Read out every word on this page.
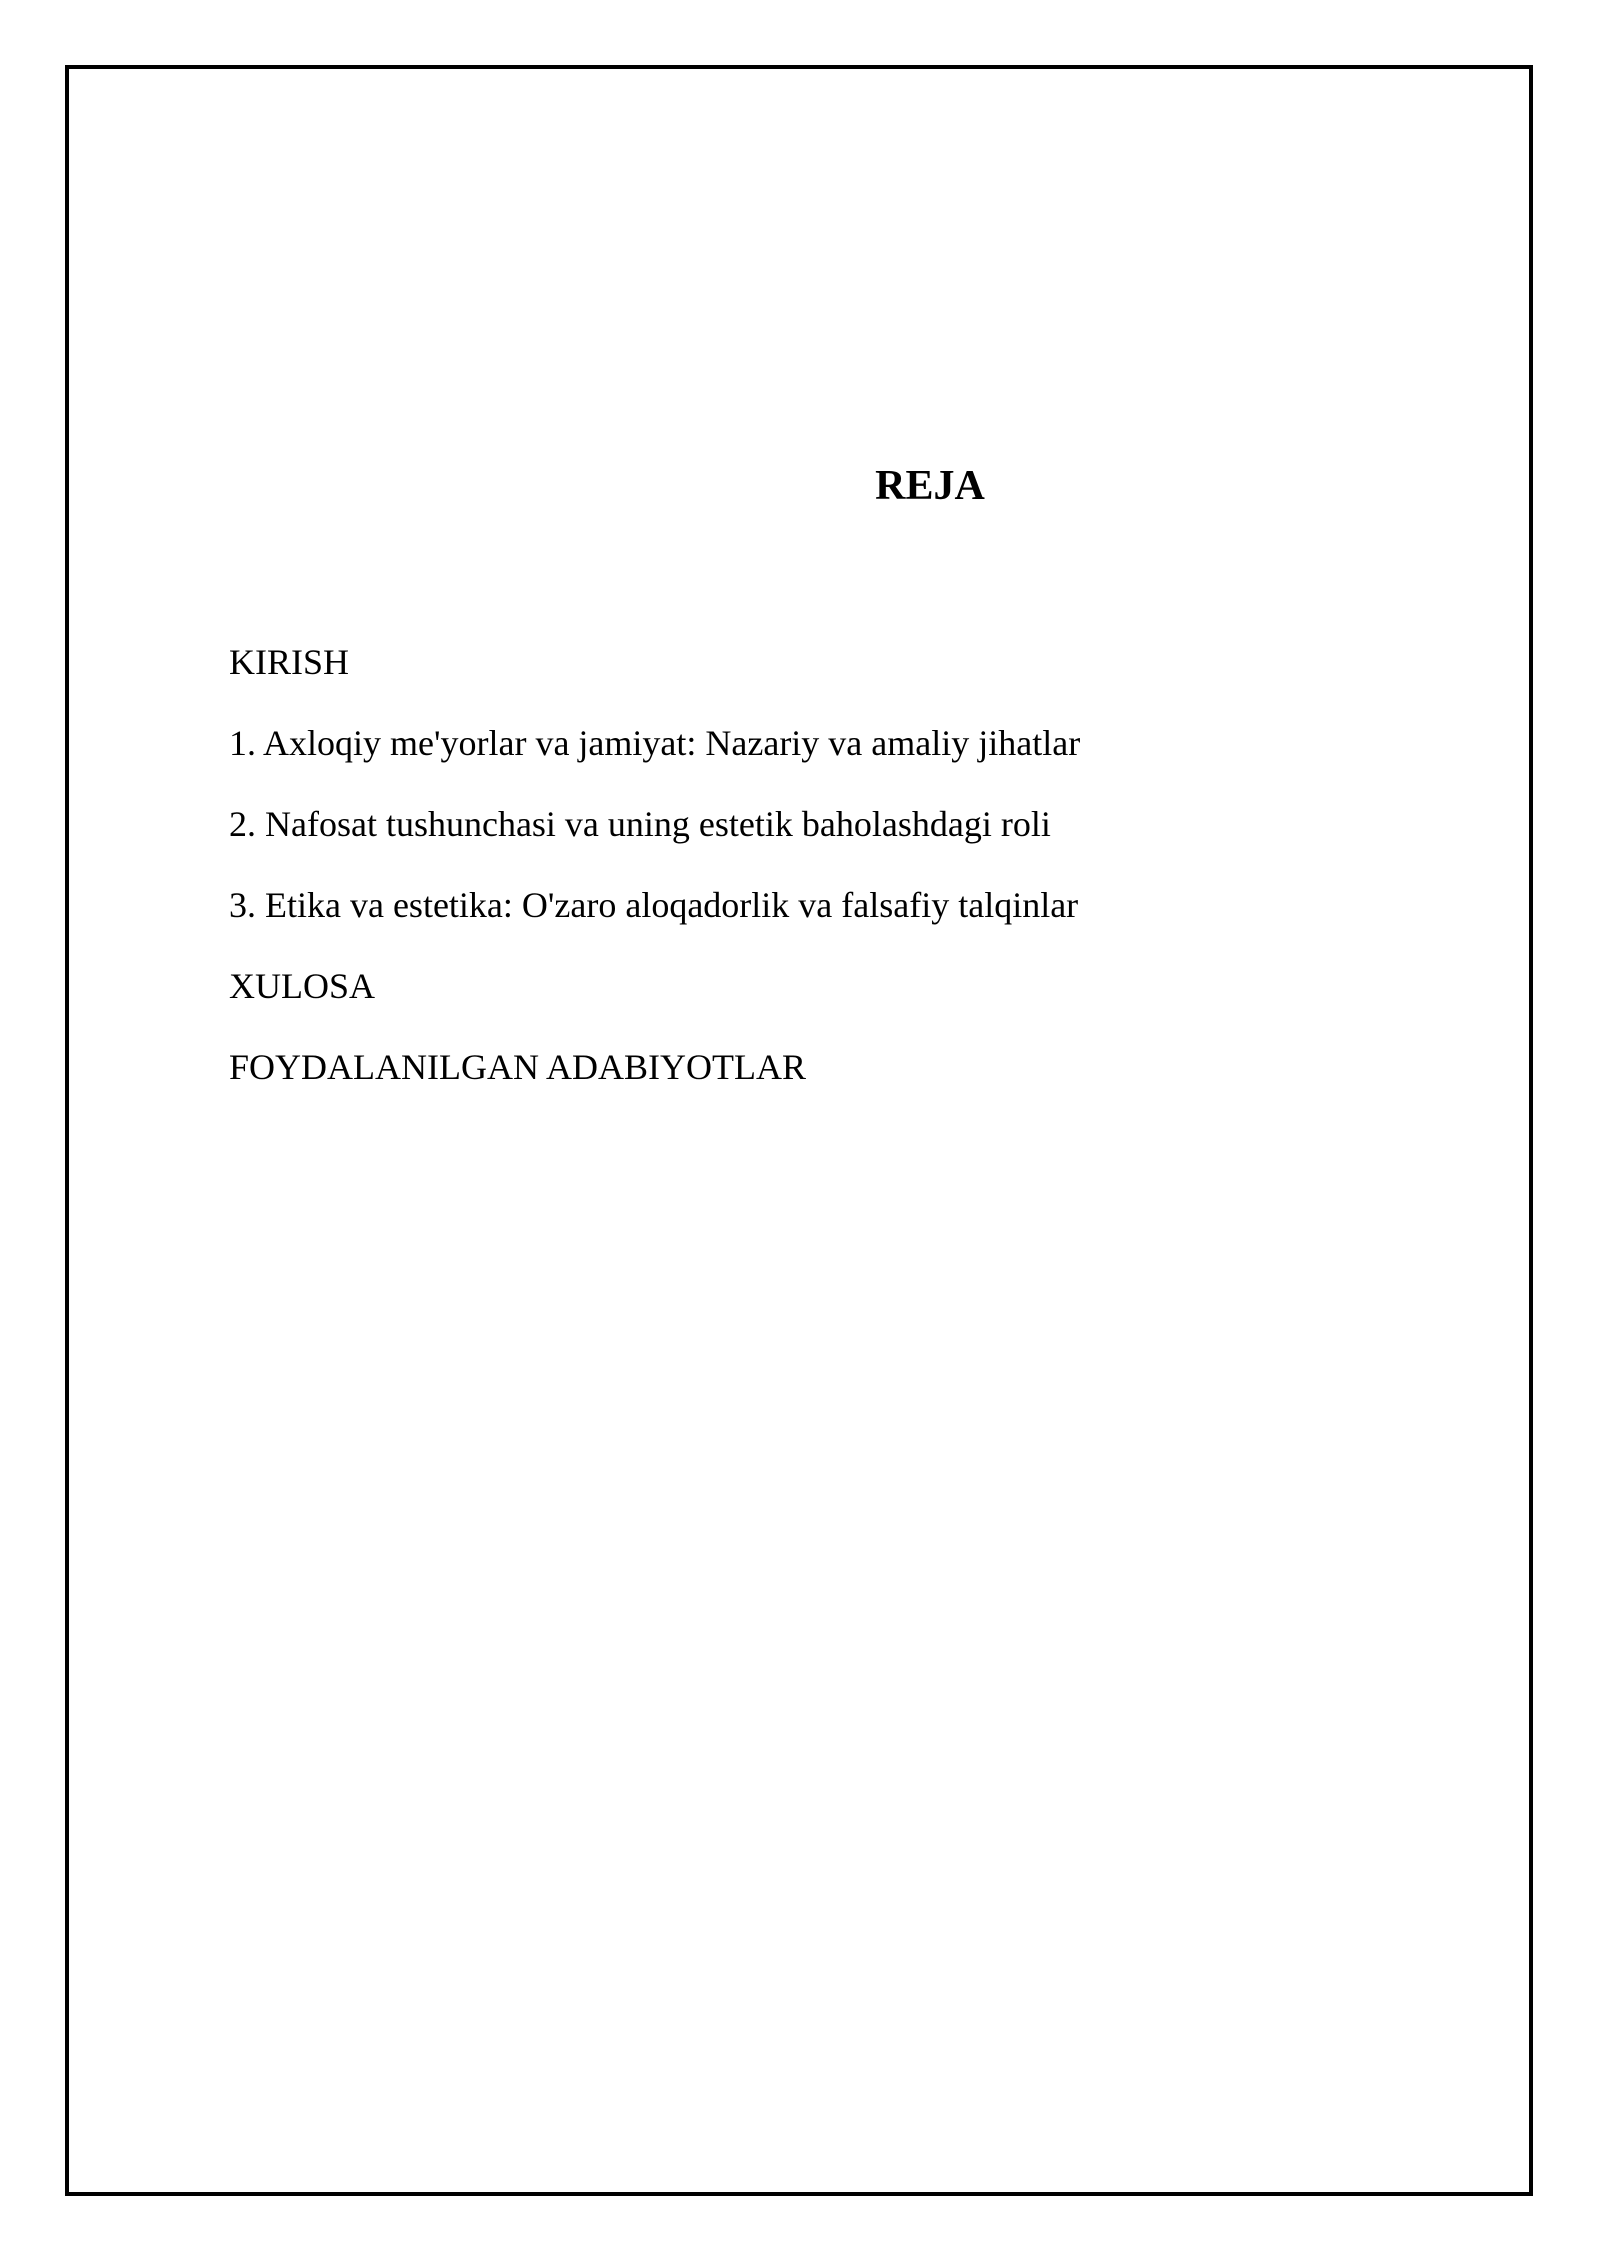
REJA
KIRISH
1. Axloqiy me'yorlar va jamiyat: Nazariy va amaliy jihatlar
2. Nafosat tushunchasi va uning estetik baholashdagi roli
3. Etika va estetika: O'zaro aloqadorlik va falsafiy talqinlar
XULOSA
FOYDALANILGAN ADABIYOTLAR
